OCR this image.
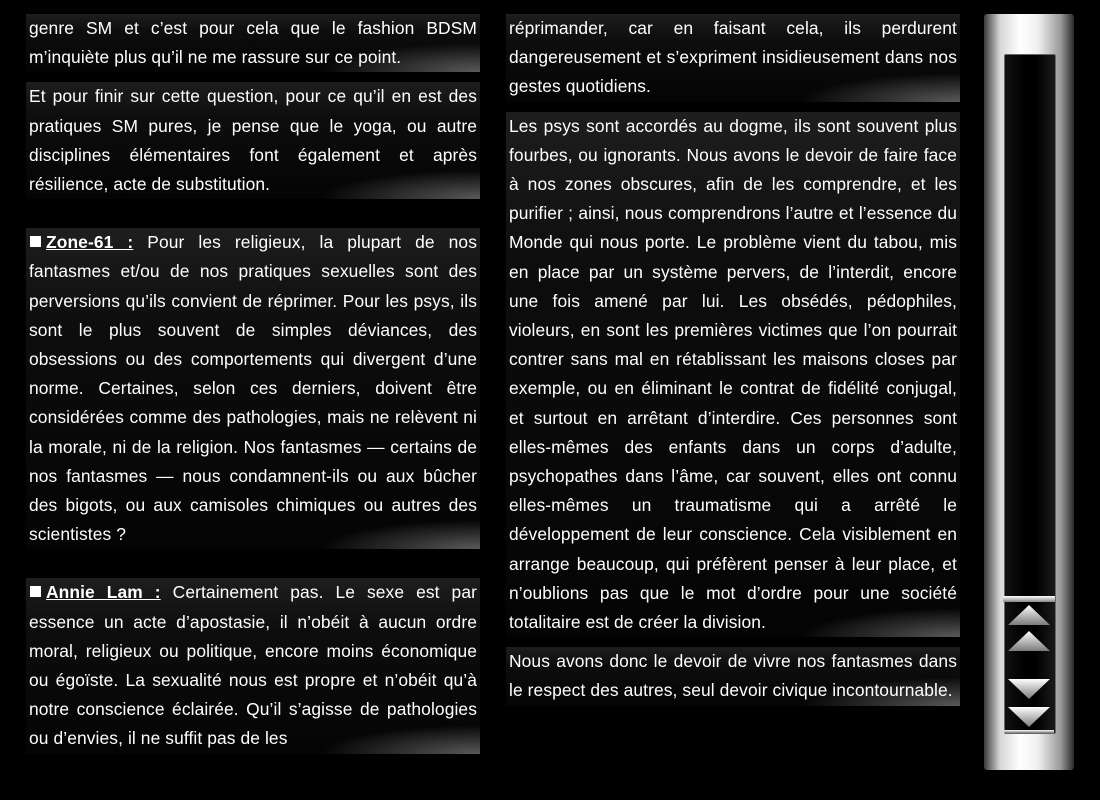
genre SM et c’est pour cela que le fashion BDSM m’inquiète plus qu’il ne me rassure sur ce point.
Et pour finir sur cette question, pour ce qu’il en est des pratiques SM pures, je pense que le yoga, ou autre disciplines élémentaires font également et après résilience, acte de substitution.
Zone-61 : Pour les religieux, la plupart de nos fantasmes et/ou de nos pratiques sexuelles sont des perversions qu’ils convient de réprimer. Pour les psys, ils sont le plus souvent de simples déviances, des obsessions ou des comportements qui divergent d’une norme. Certaines, selon ces derniers, doivent être considérées comme des pathologies, mais ne relèvent ni la morale, ni de la religion. Nos fantasmes — certains de nos fantasmes — nous condamnent-ils ou aux bûcher des bigots, ou aux camisoles chimiques ou autres des scientistes ?
Annie Lam : Certainement pas. Le sexe est par essence un acte d’apostasie, il n’obéit à aucun ordre moral, religieux ou politique, encore moins économique ou égoïste. La sexualité nous est propre et n’obéit qu’à notre conscience éclairée. Qu’il s’agisse de pathologies ou d’envies, il ne suffit pas de les
réprimander, car en faisant cela, ils perdurent dangereusement et s’expriment insidieusement dans nos gestes quotidiens.
Les psys sont accordés au dogme, ils sont souvent plus fourbes, ou ignorants. Nous avons le devoir de faire face à nos zones obscures, afin de les comprendre, et les purifier ; ainsi, nous comprendrons l’autre et l’essence du Monde qui nous porte. Le problème vient du tabou, mis en place par un système pervers, de l’interdit, encore une fois amené par lui. Les obsédés, pédophiles, violeurs, en sont les premières victimes que l’on pourrait contrer sans mal en rétablissant les maisons closes par exemple, ou en éliminant le contrat de fidélité conjugal, et surtout en arrêtant d’interdire. Ces personnes sont elles-mêmes des enfants dans un corps d’adulte, psychopathes dans l’âme, car souvent, elles ont connu elles-mêmes un traumatisme qui a arrêté le développement de leur conscience. Cela visiblement en arrange beaucoup, qui préfèrent penser à leur place, et n’oublions pas que le mot d’ordre pour une société totalitaire est de créer la division.
Nous avons donc le devoir de vivre nos fantasmes dans le respect des autres, seul devoir civique incontournable.
